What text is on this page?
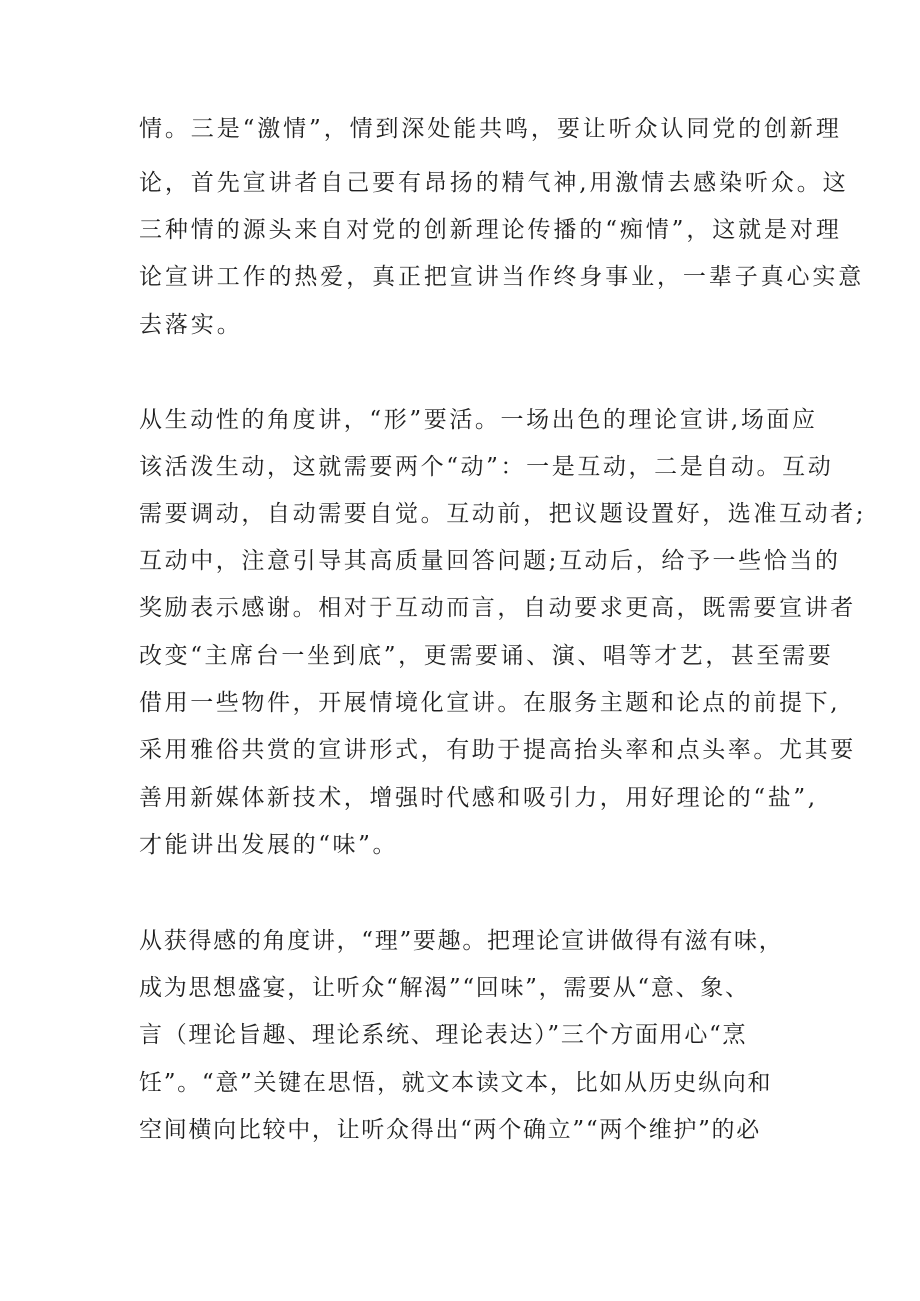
情。三是“激情”，情到深处能共鸣，要让听众认同党的创新理
论，首先宣讲者自己要有昂扬的精气神,用激情去感染听众。这
三种情的源头来自对党的创新理论传播的“痴情”，这就是对理
论宣讲工作的热爱，真正把宣讲当作终身事业，一辈子真心实意
去落实。
从生动性的角度讲，“形”要活。一场出色的理论宣讲,场面应
该活泼生动，这就需要两个“动”：一是互动，二是自动。互动
需要调动，自动需要自觉。互动前，把议题设置好，选准互动者;
互动中，注意引导其高质量回答问题;互动后，给予一些恰当的
奖励表示感谢。相对于互动而言，自动要求更高，既需要宣讲者
改变“主席台一坐到底”，更需要诵、演、唱等才艺，甚至需要
借用一些物件，开展情境化宣讲。在服务主题和论点的前提下,
采用雅俗共赏的宣讲形式，有助于提高抬头率和点头率。尤其要
善用新媒体新技术，增强时代感和吸引力，用好理论的“盐”,
才能讲出发展的“味”。
从获得感的角度讲，“理”要趣。把理论宣讲做得有滋有味，
成为思想盛宴，让听众“解渴”“回味”，需要从“意、象、
言（理论旨趣、理论系统、理论表达）”三个方面用心“烹
饪”。“意”关键在思悟，就文本读文本，比如从历史纵向和
空间横向比较中，让听众得出“两个确立”“两个维护”的必
